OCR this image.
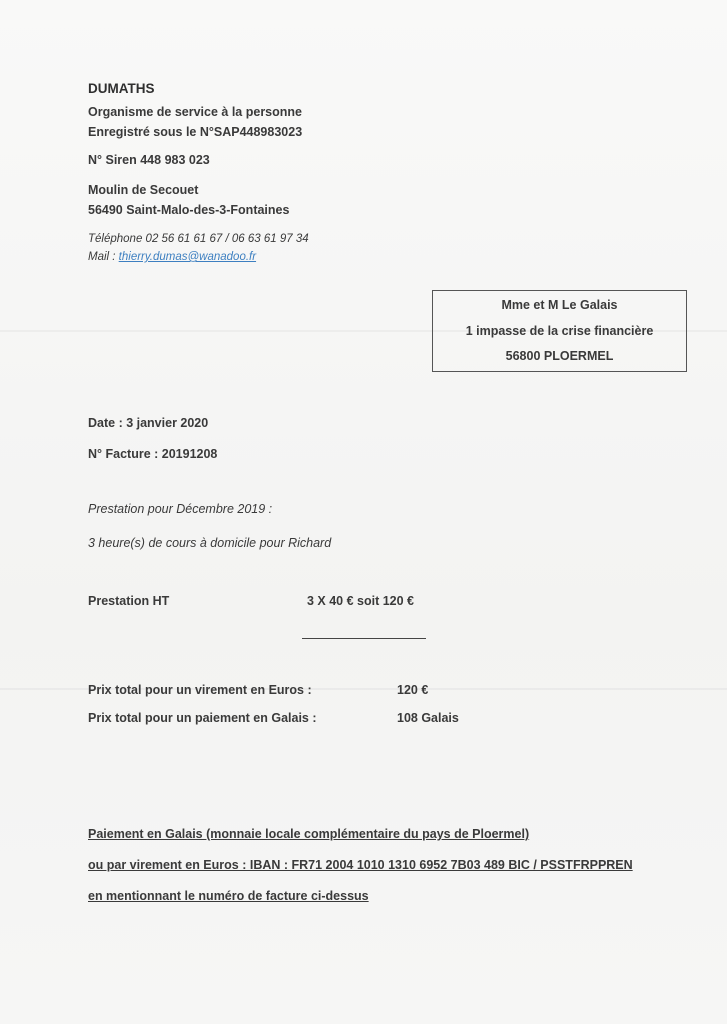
DUMATHS
Organisme de service à la personne
Enregistré sous le N°SAP448983023
N° Siren 448 983 023
Moulin de Secouet
56490 Saint-Malo-des-3-Fontaines
Téléphone 02 56 61 61 67 / 06 63 61 97 34
Mail : thierry.dumas@wanadoo.fr
Mme et M Le Galais
1 impasse de la crise financière
56800 PLOERMEL
Date : 3 janvier 2020
N° Facture : 20191208
Prestation pour Décembre 2019 :
3 heure(s) de cours à domicile pour Richard
Prestation HT	3 X 40 € soit 120 €
Prix total pour un virement en Euros :	120 €
Prix total pour un paiement en Galais :	108 Galais
Paiement en Galais (monnaie locale complémentaire du pays de Ploermel)
ou par virement en Euros : IBAN : FR71 2004 1010 1310 6952 7B03 489 BIC / PSSTFRPPREN
en mentionnant le numéro de facture ci-dessus
